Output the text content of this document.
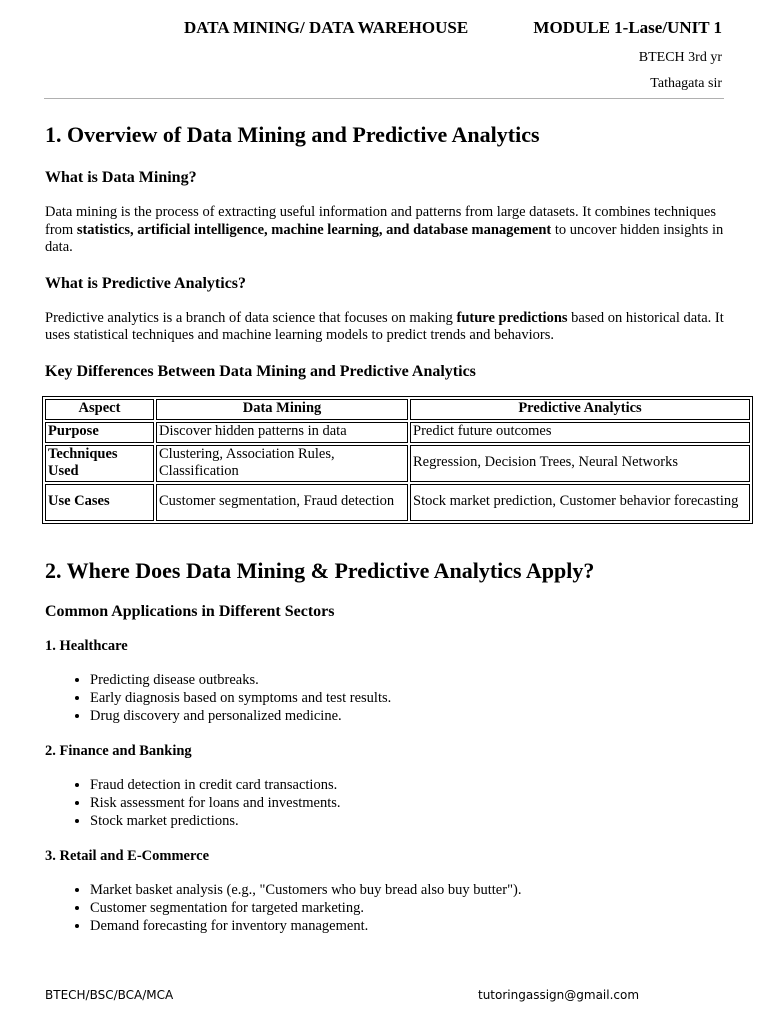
DATA MINING/ DATA WAREHOUSE	MODULE 1-Lase/UNIT 1
BTECH 3rd yr
Tathagata sir
1. Overview of Data Mining and Predictive Analytics
What is Data Mining?

Data mining is the process of extracting useful information and patterns from large datasets. It combines techniques from statistics, artificial intelligence, machine learning, and database management to uncover hidden insights in data.

What is Predictive Analytics?

Predictive analytics is a branch of data science that focuses on making future predictions based on historical data. It uses statistical techniques and machine learning models to predict trends and behaviors.

Key Differences Between Data Mining and Predictive Analytics
Aspect	Data Mining	Predictive Analytics
Purpose	Discover hidden patterns in data	Predict future outcomes
Techniques Used	Clustering, Association Rules, Classification	Regression, Decision Trees, Neural Networks
Use Cases	Customer segmentation, Fraud detection	Stock market prediction, Customer behavior forecasting
2. Where Does Data Mining & Predictive Analytics Apply?
Common Applications in Different Sectors
1. Healthcare
• Predicting disease outbreaks.
• Early diagnosis based on symptoms and test results.
• Drug discovery and personalized medicine.
2. Finance and Banking
• Fraud detection in credit card transactions.
• Risk assessment for loans and investments.
• Stock market predictions.
3. Retail and E-Commerce
• Market basket analysis (e.g., "Customers who buy bread also buy butter").
• Customer segmentation for targeted marketing.
• Demand forecasting for inventory management.
BTECH/BSC/BCA/MCA	tutoringassign@gmail.com
